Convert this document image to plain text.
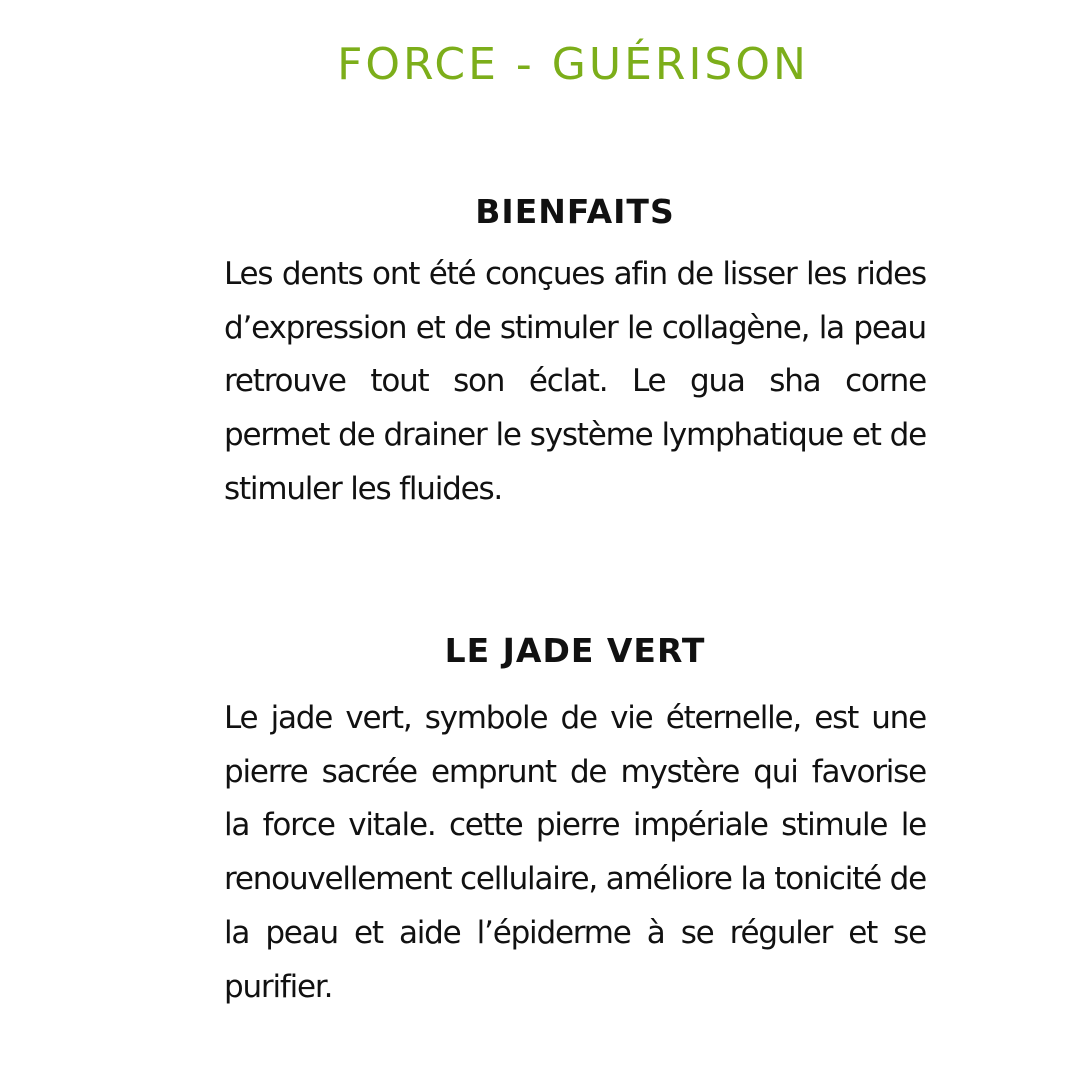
FORCE - GUÉRISON
BIENFAITS

Les dents ont été conçues afin de lisser les rides d’expression et de stimuler le collagène, la peau retrouve tout son éclat. Le gua sha corne permet de drainer le système lymphatique et de stimuler les fluides.

LE JADE VERT

Le jade vert, symbole de vie éternelle, est une pierre sacrée emprunt de mystère qui favorise la force vitale. cette pierre impériale stimule le renouvellement cellulaire, améliore la tonicité de la peau et aide l’épiderme à se réguler et se purifier.
